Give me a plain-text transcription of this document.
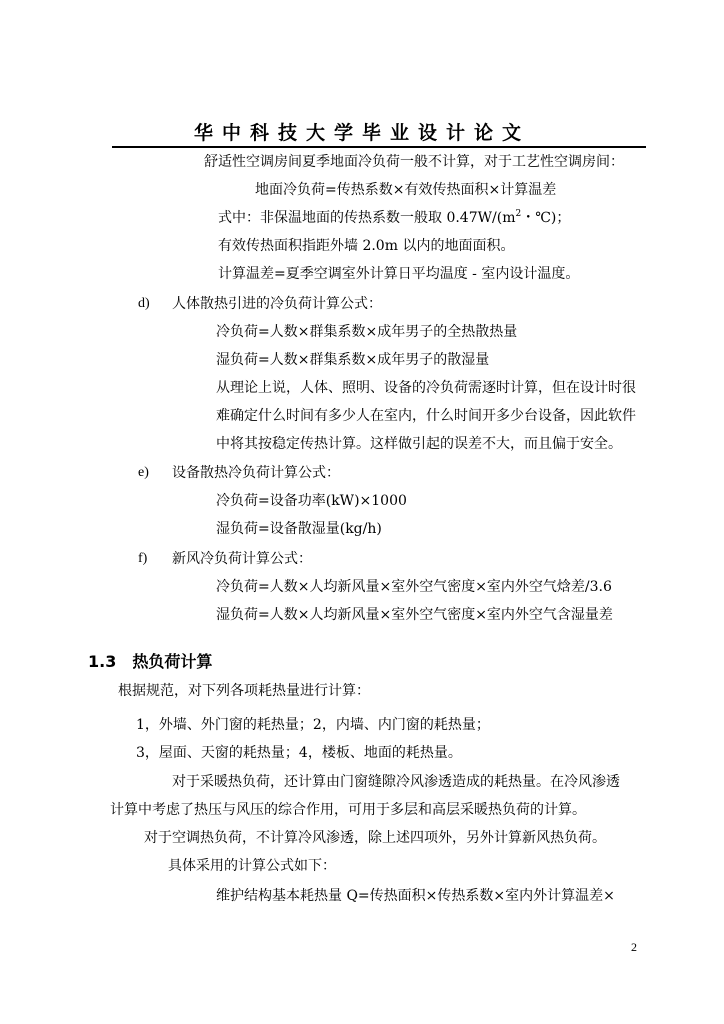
华中科技大学毕业设计论文
舒适性空调房间夏季地面冷负荷一般不计算，对于工艺性空调房间：
地面冷负荷=传热系数×有效传热面积×计算温差
式中：非保温地面的传热系数一般取 $0.47W/(m^2$・℃)；
有效传热面积指距外墙 2.0m 以内的地面面积。
计算温差=夏季空调室外计算日平均温度 - 室内设计温度。
d) 人体散热引进的冷负荷计算公式：
冷负荷=人数×群集系数×成年男子的全热散热量
湿负荷=人数×群集系数×成年男子的散湿量
从理论上说，人体、照明、设备的冷负荷需逐时计算，但在设计时很
难确定什么时间有多少人在室内，什么时间开多少台设备，因此软件
中将其按稳定传热计算。这样做引起的误差不大，而且偏于安全。
e) 设备散热冷负荷计算公式：
冷负荷=设备功率(kW)×1000
湿负荷=设备散湿量(kg/h)
f) 新风冷负荷计算公式：
冷负荷=人数×人均新风量×室外空气密度×室内外空气焓差/3.6
湿负荷=人数×人均新风量×室外空气密度×室内外空气含湿量差
1.3 热负荷计算
根据规范，对下列各项耗热量进行计算：
1，外墙、外门窗的耗热量；2，内墙、内门窗的耗热量；
3，屋面、天窗的耗热量；4，楼板、地面的耗热量。
对于采暖热负荷，还计算由门窗缝隙冷风渗透造成的耗热量。在冷风渗透
计算中考虑了热压与风压的综合作用，可用于多层和高层采暖热负荷的计算。
对于空调热负荷，不计算冷风渗透，除上述四项外，另外计算新风热负荷。
具体采用的计算公式如下：
维护结构基本耗热量 Q=传热面积×传热系数×室内外计算温差×
2
